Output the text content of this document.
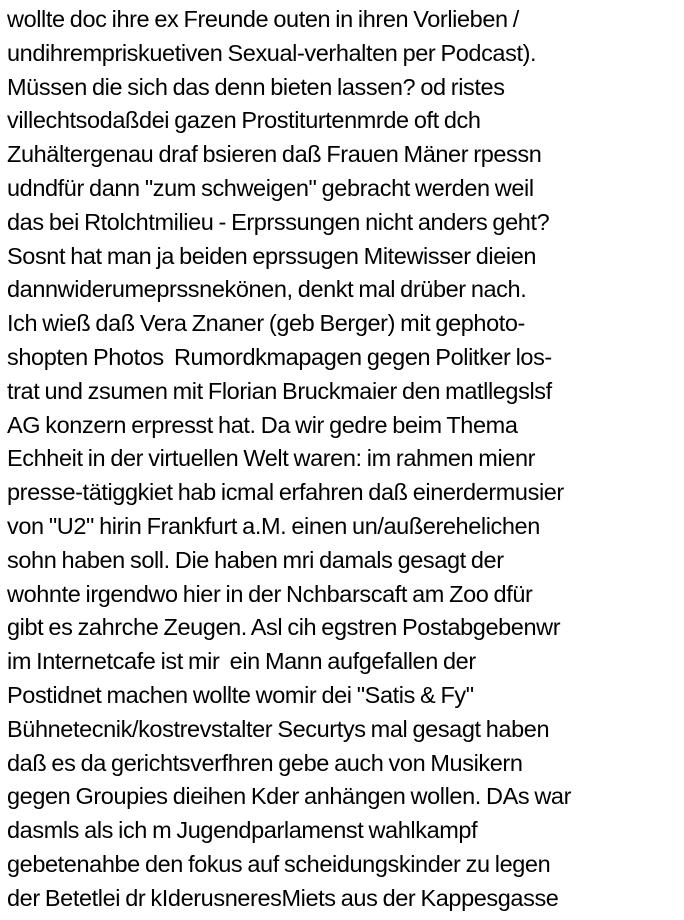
wollte doc ihre ex Freunde outen in ihren Vorlieben /
undihrempriskuetiven Sexual-verhalten per Podcast).
Müssen die sich das denn bieten lassen? od ristes
villechtsodaßdei gazen Prostiturtenmrde oft dch
Zuhältergenau draf bsieren daß Frauen Mäner rpessn
udndfür dann "zum schweigen" gebracht werden weil
das bei Rtolchtmilieu - Erprssungen nicht anders geht?
Sosnt hat man ja beiden eprssugen Mitewisser dieien
dannwiderumeprssnekönen, denkt mal drüber nach.
Ich wieß daß Vera Znaner (geb Berger) mit gephoto-
shopten Photos  Rumordkmapagen gegen Politker los-
trat und zsumen mit Florian Bruckmaier den matllegslsf
AG konzern erpresst hat. Da wir gedre beim Thema
Echheit in der virtuellen Welt waren: im rahmen mienr
presse-tätiggkiet hab icmal erfahren daß einerdermusier
von "U2" hirin Frankfurt a.M. einen un/außerehelichen
sohn haben soll. Die haben mri damals gesagt der
wohnte irgendwo hier in der Nchbarscaft am Zoo dfür
gibt es zahrche Zeugen. Asl cih egstren Postabgebenwr
im Internetcafe ist mir  ein Mann aufgefallen der
Postidnet machen wollte womir dei "Satis & Fy"
Bühnetecnik/kostrevstalter Securtys mal gesagt haben
daß es da gerichtsverfhren gebe auch von Musikern
gegen Groupies dieihen Kder anhängen wollen. DAs war
dasmls als ich m Jugendparlamenst wahlkampf
gebetenahbe den fokus auf scheidungskinder zu legen
der Betetlei dr kIderusneresMiets aus der Kappesgasse
